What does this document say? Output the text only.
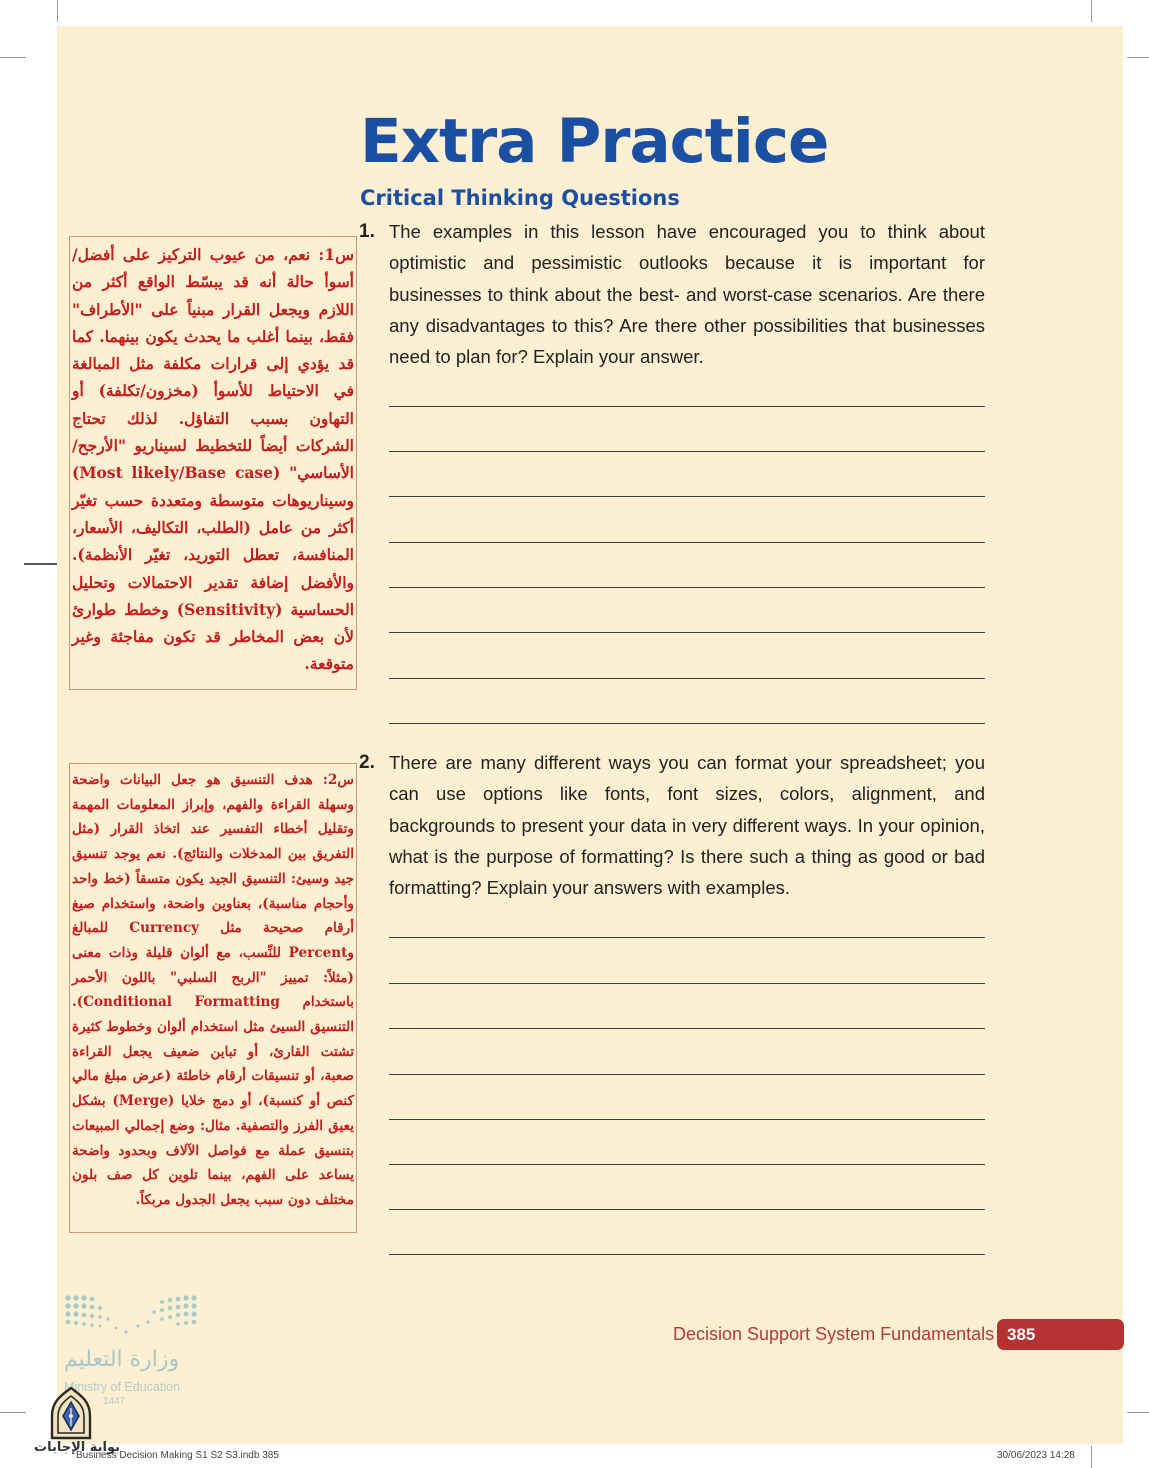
Extra Practice
Critical Thinking Questions
1. The examples in this lesson have encouraged you to think about optimistic and pessimistic outlooks because it is important for businesses to think about the best- and worst-case scenarios. Are there any disadvantages to this? Are there other possibilities that businesses need to plan for? Explain your answer.

2. There are many different ways you can format your spreadsheet; you can use options like fonts, font sizes, colors, alignment, and backgrounds to present your data in very different ways. In your opinion, what is the purpose of formatting? Is there such a thing as good or bad formatting? Explain your answers with examples.

س1: نعم، من عيوب التركيز على أفضل/أسوأ حالة أنه قد يبسّط الواقع أكثر من اللازم ويجعل القرار مبنياً على "الأطراف" فقط، بينما أغلب ما يحدث يكون بينهما. كما قد يؤدي إلى قرارات مكلفة مثل المبالغة في الاحتياط للأسوأ (مخزون/تكلفة) أو التهاون بسبب التفاؤل. لذلك تحتاج الشركات أيضاً للتخطيط لسيناريو "الأرجح/الأساسي" (Most likely/Base case) وسيناريوهات متوسطة ومتعددة حسب تغيّر أكثر من عامل (الطلب، التكاليف، الأسعار، المنافسة، تعطل التوريد، تغيّر الأنظمة). والأفضل إضافة تقدير الاحتمالات وتحليل الحساسية (Sensitivity) وخطط طوارئ لأن بعض المخاطر قد تكون مفاجئة وغير متوقعة.

س2: هدف التنسيق هو جعل البيانات واضحة وسهلة القراءة والفهم، وإبراز المعلومات المهمة وتقليل أخطاء التفسير عند اتخاذ القرار (مثل التفريق بين المدخلات والنتائج). نعم يوجد تنسيق جيد وسيئ: التنسيق الجيد يكون متسقاً (خط واحد وأحجام مناسبة)، بعناوين واضحة، واستخدام صيغ أرقام صحيحة مثل Currency للمبالغ وPercent للنِّسب، مع ألوان قليلة وذات معنى (مثلاً: تمييز "الربح السلبي" باللون الأحمر باستخدام Conditional Formatting). التنسيق السيئ مثل استخدام ألوان وخطوط كثيرة تشتت القارئ، أو تباين ضعيف يجعل القراءة صعبة، أو تنسيقات أرقام خاطئة (عرض مبلغ مالي كنص أو كنسبة)، أو دمج خلايا (Merge) بشكل يعيق الفرز والتصفية. مثال: وضع إجمالي المبيعات بتنسيق عملة مع فواصل الآلاف وبحدود واضحة يساعد على الفهم، بينما تلوين كل صف بلون مختلف دون سبب يجعل الجدول مربكاً.

Decision Support System Fundamentals 385
وزارة التعليم
Ministry of Education
1447
بوابة الإجابات
Business Decision Making S1 S2 S3.indb 385	30/06/2023 14:28
